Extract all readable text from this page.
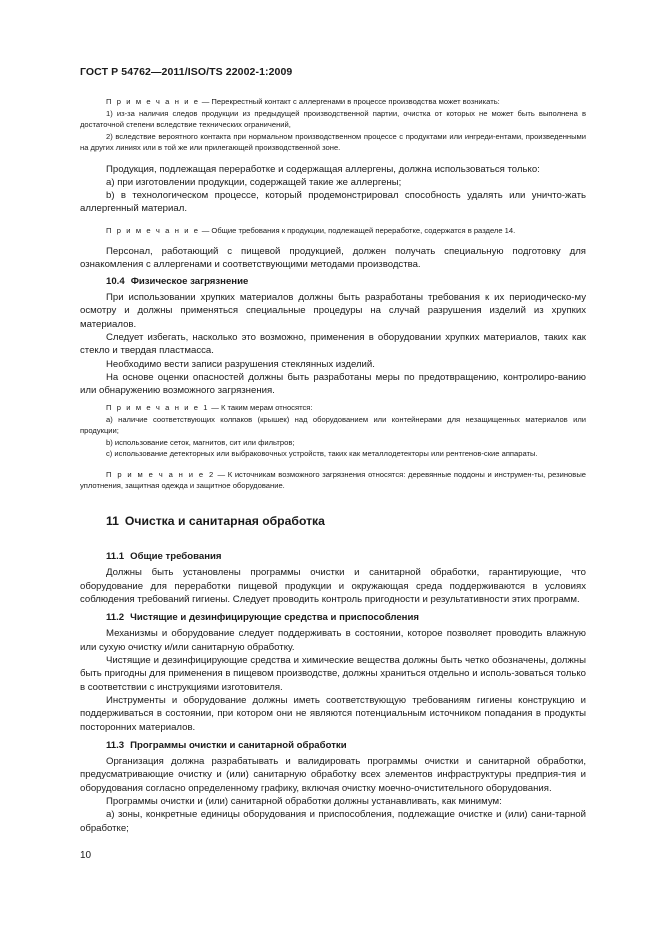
ГОСТ Р 54762—2011/ISO/TS 22002-1:2009

П р и м е ч а н и е — Перекрестный контакт с аллергенами в процессе производства может возникать:

1) из-за наличия следов продукции из предыдущей производственной партии, очистка от которых не может быть выполнена в достаточной степени вследствие технических ограничений,

2) вследствие вероятного контакта при нормальном производственном процессе с продуктами или ингреди-ентами, произведенными на других линиях или в той же или прилегающей производственной зоне.

Продукция, подлежащая переработке и содержащая аллергены, должна использоваться только:

а) при изготовлении продукции, содержащей такие же аллергены;

b) в технологическом процессе, который продемонстрировал способность удалять или уничто-жать аллергенный материал.

П р и м е ч а н и е — Общие требования к продукции, подлежащей переработке, содержатся в разделе 14.

Персонал, работающий с пищевой продукцией, должен получать специальную подготовку для ознакомления с аллергенами и соответствующими методами производства.

10.4 Физическое загрязнение

При использовании хрупких материалов должны быть разработаны требования к их периодическо-му осмотру и должны применяться специальные процедуры на случай разрушения изделий из хрупких материалов.

Следует избегать, насколько это возможно, применения в оборудовании хрупких материалов, таких как стекло и твердая пластмасса.

Необходимо вести записи разрушения стеклянных изделий.

На основе оценки опасностей должны быть разработаны меры по предотвращению, контролиро-ванию или обнаружению возможного загрязнения.

П р и м е ч а н и е 1 — К таким мерам относятся:

а) наличие соответствующих колпаков (крышек) над оборудованием или контейнерами для незащищенных материалов или продукции;

b) использование сеток, магнитов, сит или фильтров;

с) использование детекторных или выбраковочных устройств, таких как металлодетекторы или рентгенов-ские аппараты.

П р и м е ч а н и е 2 — К источникам возможного загрязнения относятся: деревянные поддоны и инструмен-ты, резиновые уплотнения, защитная одежда и защитное оборудование.

11 Очистка и санитарная обработка

11.1 Общие требования

Должны быть установлены программы очистки и санитарной обработки, гарантирующие, что оборудование для переработки пищевой продукции и окружающая среда поддерживаются в условиях соблюдения требований гигиены. Следует проводить контроль пригодности и результативности этих программ.

11.2 Чистящие и дезинфицирующие средства и приспособления

Механизмы и оборудование следует поддерживать в состоянии, которое позволяет проводить влажную или сухую очистку и/или санитарную обработку.

Чистящие и дезинфицирующие средства и химические вещества должны быть четко обозначены, должны быть пригодны для применения в пищевом производстве, должны храниться отдельно и исполь-зоваться только в соответствии с инструкциями изготовителя.

Инструменты и оборудование должны иметь соответствующую требованиям гигиены конструкцию и поддерживаться в состоянии, при котором они не являются потенциальным источником попадания в продукты посторонних материалов.

11.3 Программы очистки и санитарной обработки

Организация должна разрабатывать и валидировать программы очистки и санитарной обработки, предусматривающие очистку и (или) санитарную обработку всех элементов инфраструктуры предприя-тия и оборудования согласно определенному графику, включая очистку моечно-очистительного оборудования.

Программы очистки и (или) санитарной обработки должны устанавливать, как минимум:

а) зоны, конкретные единицы оборудования и приспособления, подлежащие очистке и (или) сани-тарной обработке;

10
